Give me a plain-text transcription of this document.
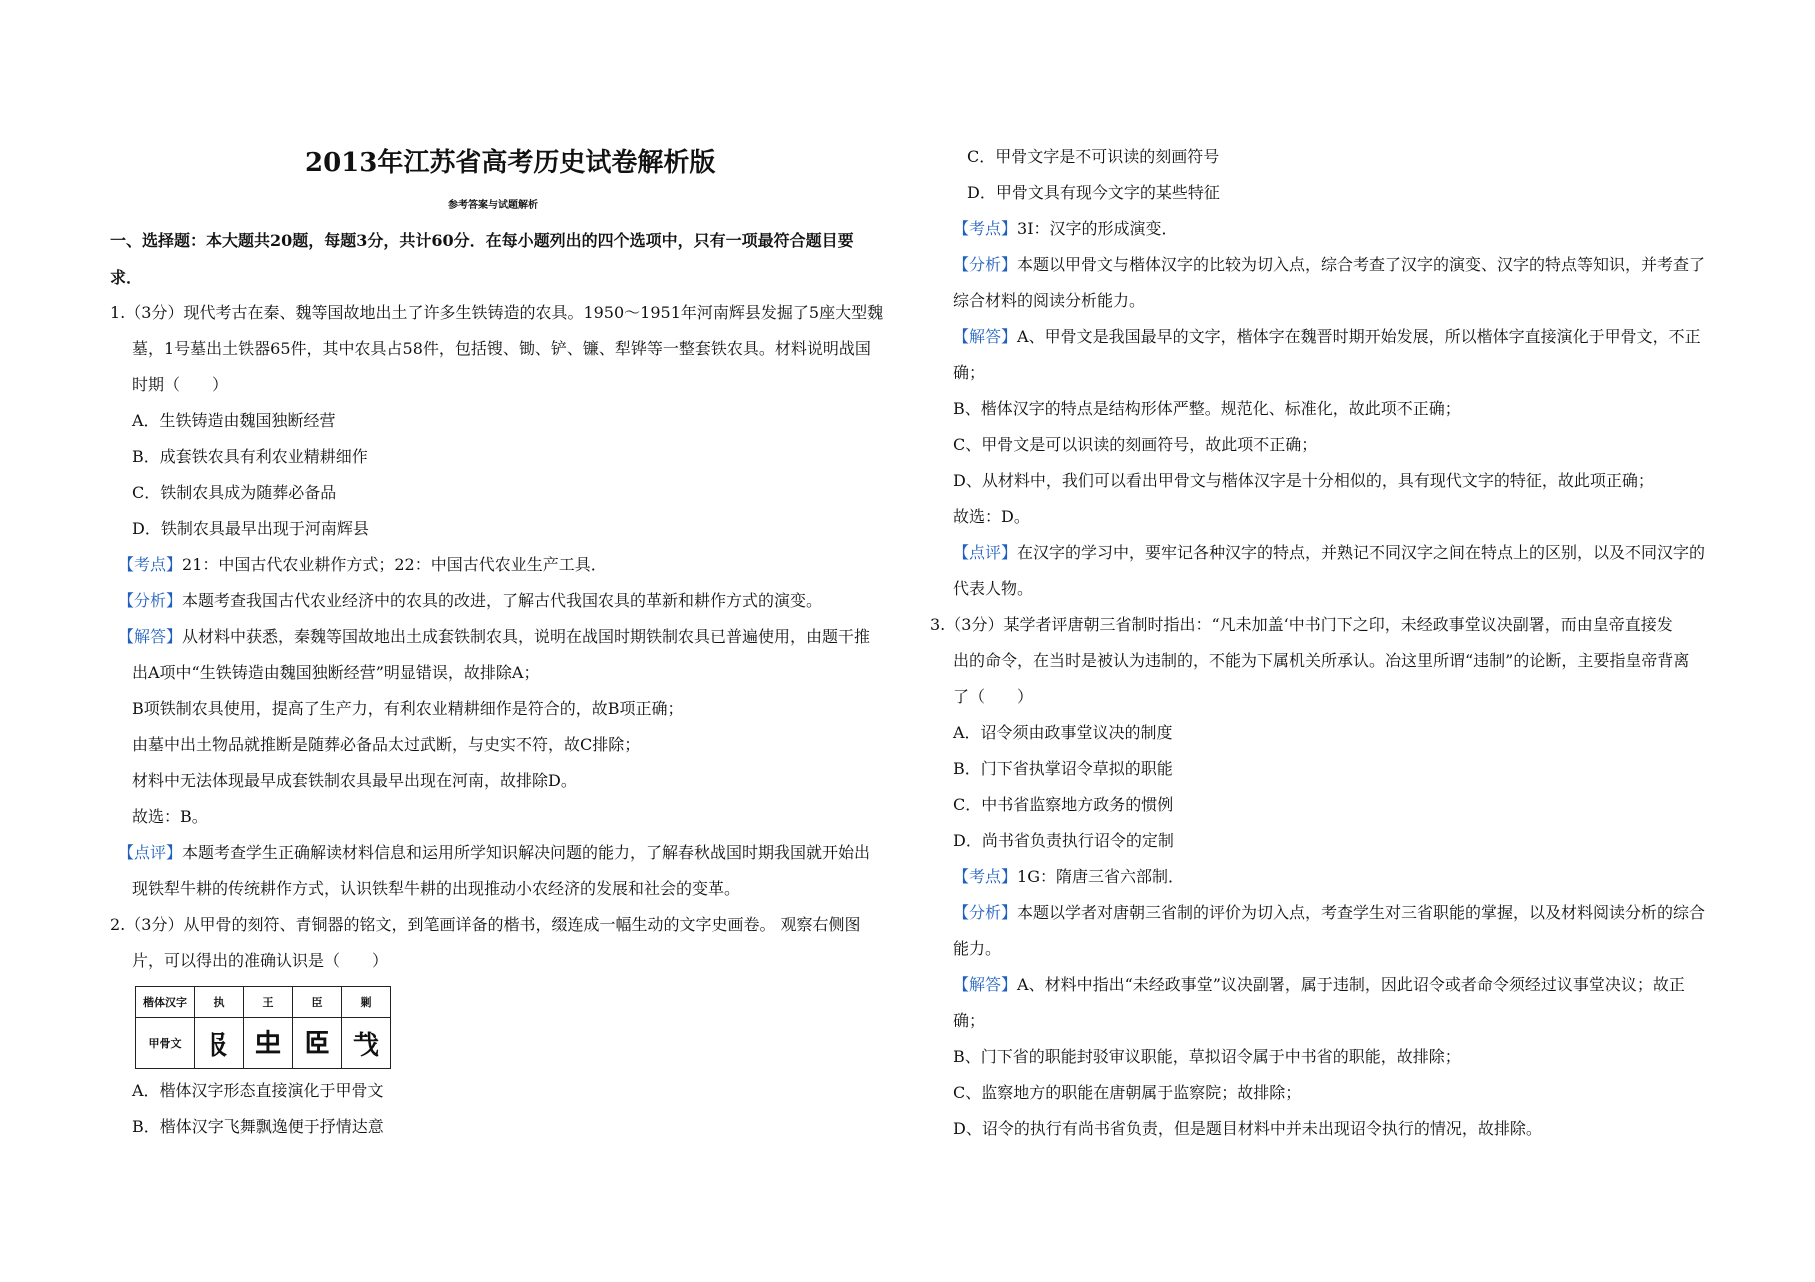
2013年江苏省高考历史试卷解析版
参考答案与试题解析
一、选择题：本大题共20题，每题3分，共计60分．在每小题列出的四个选项中，只有一项最符合题目要
求．
1.（3分）现代考古在秦、魏等国故地出土了许多生铁铸造的农具。1950～1951年河南辉县发掘了5座大型魏
墓，1号墓出土铁器65件，其中农具占58件，包括锼、锄、铲、镰、犁铧等一整套铁农具。材料说明战国
时期（　　）
A．生铁铸造由魏国独断经营
B．成套铁农具有利农业精耕细作
C．铁制农具成为随葬必备品
D．铁制农具最早出现于河南辉县
【考点】21：中国古代农业耕作方式；22：中国古代农业生产工具．
【分析】本题考查我国古代农业经济中的农具的改进，了解古代我国农具的革新和耕作方式的演变。
【解答】从材料中获悉，秦魏等国故地出土成套铁制农具，说明在战国时期铁制农具已普遍使用，由题干推
出A项中“生铁铸造由魏国独断经营”明显错误，故排除A；
B项铁制农具使用，提高了生产力，有利农业精耕细作是符合的，故B项正确；
由墓中出土物品就推断是随葬必备品太过武断，与史实不符，故C排除；
材料中无法体现最早成套铁制农具最早出现在河南，故排除D。
故选：B。
【点评】本题考查学生正确解读材料信息和运用所学知识解决问题的能力，了解春秋战国时期我国就开始出
现铁犁牛耕的传统耕作方式，认识铁犁牛耕的出现推动小农经济的发展和社会的变革。
2.（3分）从甲骨的刻符、青铜器的铭文，到笔画详备的楷书，缀连成一幅生动的文字史画卷。 观察右侧图
片，可以得出的准确认识是（　　）
楷体汉字	执	王	臣	剿
甲骨文	𠬝	𠀐	𦣞	𢦏
A．楷体汉字形态直接演化于甲骨文
B．楷体汉字飞舞飘逸便于抒情达意
C．甲骨文字是不可识读的刻画符号
D．甲骨文具有现今文字的某些特征
【考点】3I：汉字的形成演变．
【分析】本题以甲骨文与楷体汉字的比较为切入点，综合考查了汉字的演变、汉字的特点等知识，并考查了
综合材料的阅读分析能力。
【解答】A、甲骨文是我国最早的文字，楷体字在魏晋时期开始发展，所以楷体字直接演化于甲骨文，不正
确；
B、楷体汉字的特点是结构形体严整。规范化、标准化，故此项不正确；
C、甲骨文是可以识读的刻画符号，故此项不正确；
D、从材料中，我们可以看出甲骨文与楷体汉字是十分相似的，具有现代文字的特征，故此项正确；
故选：D。
【点评】在汉字的学习中，要牢记各种汉字的特点，并熟记不同汉字之间在特点上的区别，以及不同汉字的
代表人物。
3.（3分）某学者评唐朝三省制时指出：“凡未加盖‘中书门下之印，未经政事堂议决副署，而由皇帝直接发
出的命令，在当时是被认为违制的，不能为下属机关所承认。冶这里所谓“违制”的论断，主要指皇帝背离
了（　　）
A．诏令须由政事堂议决的制度
B．门下省执掌诏令草拟的职能
C．中书省监察地方政务的惯例
D．尚书省负责执行诏令的定制
【考点】1G：隋唐三省六部制．
【分析】本题以学者对唐朝三省制的评价为切入点，考查学生对三省职能的掌握，以及材料阅读分析的综合
能力。
【解答】A、材料中指出“未经政事堂”议决副署，属于违制，因此诏令或者命令须经过议事堂决议；故正
确；
B、门下省的职能封驳审议职能，草拟诏令属于中书省的职能，故排除；
C、监察地方的职能在唐朝属于监察院；故排除；
D、诏令的执行有尚书省负责，但是题目材料中并未出现诏令执行的情况，故排除。
